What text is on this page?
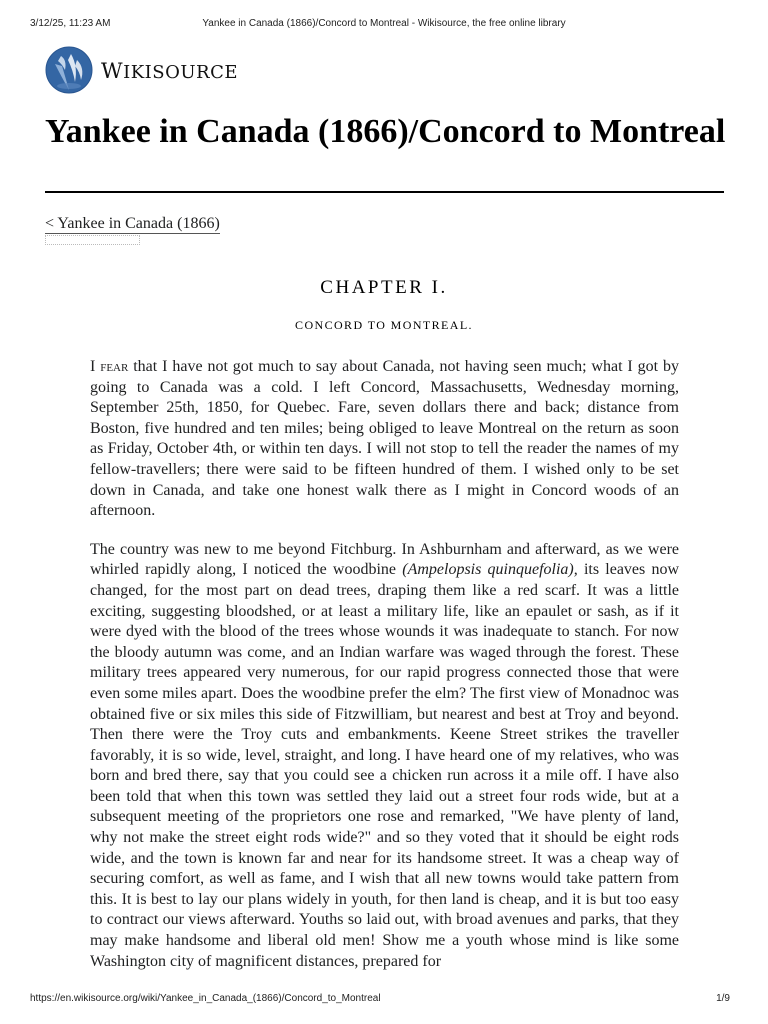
3/12/25, 11:23 AM	Yankee in Canada (1866)/Concord to Montreal - Wikisource, the free online library
WIKISOURCE
Yankee in Canada (1866)/Concord to Montreal
< Yankee in Canada (1866)
CHAPTER I.
CONCORD TO MONTREAL.

I fear that I have not got much to say about Canada, not having seen much; what I got by going to Canada was a cold. I left Concord, Massachusetts, Wednesday morning, September 25th, 1850, for Quebec. Fare, seven dollars there and back; distance from Boston, five hundred and ten miles; being obliged to leave Montreal on the return as soon as Friday, October 4th, or within ten days. I will not stop to tell the reader the names of my fellow-travellers; there were said to be fifteen hundred of them. I wished only to be set down in Canada, and take one honest walk there as I might in Concord woods of an afternoon.

The country was new to me beyond Fitchburg. In Ashburnham and afterward, as we were whirled rapidly along, I noticed the woodbine (Ampelopsis quinquefolia), its leaves now changed, for the most part on dead trees, draping them like a red scarf. It was a little exciting, suggesting bloodshed, or at least a military life, like an epaulet or sash, as if it were dyed with the blood of the trees whose wounds it was inadequate to stanch. For now the bloody autumn was come, and an Indian warfare was waged through the forest. These military trees appeared very numerous, for our rapid progress connected those that were even some miles apart. Does the woodbine prefer the elm? The first view of Monadnoc was obtained five or six miles this side of Fitzwilliam, but nearest and best at Troy and beyond. Then there were the Troy cuts and embankments. Keene Street strikes the traveller favorably, it is so wide, level, straight, and long. I have heard one of my relatives, who was born and bred there, say that you could see a chicken run across it a mile off. I have also been told that when this town was settled they laid out a street four rods wide, but at a subsequent meeting of the proprietors one rose and remarked, "We have plenty of land, why not make the street eight rods wide?" and so they voted that it should be eight rods wide, and the town is known far and near for its handsome street. It was a cheap way of securing comfort, as well as fame, and I wish that all new towns would take pattern from this. It is best to lay our plans widely in youth, for then land is cheap, and it is but too easy to contract our views afterward. Youths so laid out, with broad avenues and parks, that they may make handsome and liberal old men! Show me a youth whose mind is like some Washington city of magnificent distances, prepared for

https://en.wikisource.org/wiki/Yankee_in_Canada_(1866)/Concord_to_Montreal	1/9
